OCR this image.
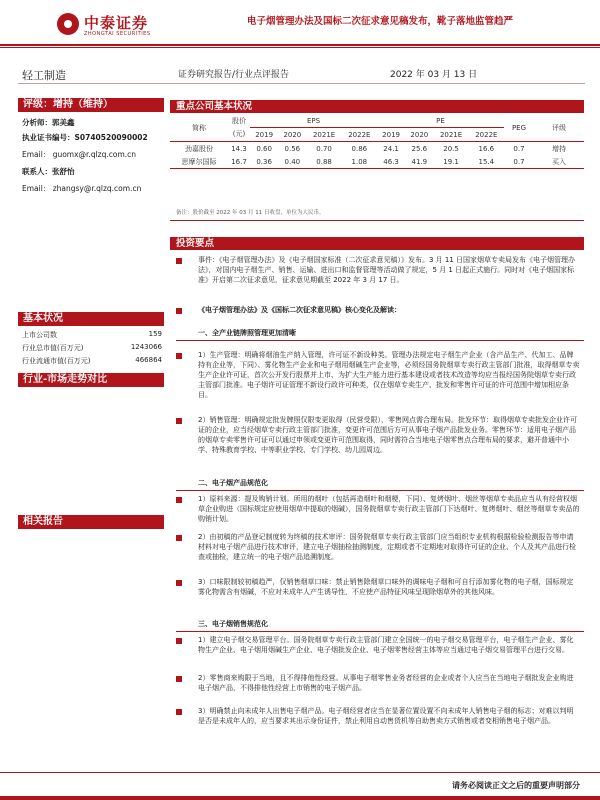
中泰证券
ZHONGTAI SECURITIES
电子烟管理办法及国标二次征求意见稿发布，靴子落地监管趋严
轻工制造	证券研究报告/行业点评报告	2022 年 03 月 13 日
评级：增持（维持）
分析师：郭美鑫
执业证书编号：S0740520090002
Email： guomx@r.qlzq.com.cn
联系人：张舒怡
Email： zhangsy@r.qlzq.com.cn
基本状况
上市公司数	159
行业总市值(百万元)	1243066
行业流通市值(百万元)	466864
行业-市场走势对比
相关报告
重点公司基本状况
简称	股价	EPS				PE				PEG	评级
	(元)	2019	2020	2021E	2022E	2019	2020	2021E	2022E		
劲嘉股份	14.3	0.60	0.56	0.70	0.86	24.1	25.6	20.5	16.6	0.7	增持
思摩尔国际	16.7	0.36	0.40	0.88	1.08	46.3	41.9	19.1	15.4	0.7	买入
备注：股价截至 2022 年 03 月 11 日收盘，单位为人民币。
投资要点
事件：《电子烟管理办法》及《电子烟国家标准（二次征求意见稿）》发布。3 月 11 日国家烟草专卖局发布《电子烟管理办法》，对国内电子烟生产、销售、运输、进出口和监督管理等活动做了规定，5 月 1 日起正式施行。同时对《电子烟国家标准》开启第二次征求意见，征求意见期截至 2022 年 3 月 17 日。
《电子烟管理办法》及《国标二次征求意见稿》核心变化及解读：
一、全产业链牌照管理更加清晰
1）生产管理：明确将烟油生产纳入管理，许可证不新设种类。管理办法规定电子烟生产企业（含产品生产、代加工、品牌持有企业等，下同）、雾化物生产企业和电子烟用烟碱生产企业等，必须经国务院烟草专卖行政主管部门批准，取得烟草专卖生产企业许可证，首次公开发行股票并上市、为扩大生产能力进行基本建设或者技术改造等均应当报经国务院烟草专卖行政主管部门批准。电子烟许可证管理不新设行政许可种类，仅在烟草专卖生产、批发和零售许可证的许可范围中增加相应条目。
2）销售管理：明确规定批发牌照仅限变更取得（民营受限），零售网点需合理布局。批发环节：取得烟草专卖批发企业许可证的企业，应当经烟草专卖行政主管部门批准，变更许可范围后方可从事电子烟产品批发业务。零售环节：适用电子烟产品的烟草专卖零售许可证可以通过申领或变更许可范围取得，同时需符合当地电子烟零售点合理布局的要求，避开普通中小学、特殊教育学校、中等职业学校、专门学校、幼儿园周边。
二、电子烟产品规范化
1）原料来源：提及购销计划。所用的烟叶（包括再造烟叶和烟梗，下同）、复烤烟叶、烟丝等烟草专卖品应当从有经营权烟草企业购进（国标规定应使用烟草中提取的烟碱），国务院烟草专卖行政主管部门下达烟叶、复烤烟叶、烟丝等烟草专卖品的购销计划。
2）由初稿的产品登记制度转为终稿的技术审评：国务院烟草专卖行政主管部门应当组织专业机构根据检验检测报告等申请材料对电子烟产品进行技术审评，建立电子烟抽检抽测制度，定期或者不定期地对取得许可证的企业、个人及其产品进行检查或抽检，建立统一的电子烟产品追溯制度。
3）口味限制较初稿趋严，仅销售烟草口味：禁止销售除烟草口味外的调味电子烟和可自行添加雾化物的电子烟，国标规定雾化物需含有烟碱，不应对未成年人产生诱导性，不应使产品特征风味呈现除烟草外的其他风味。
三、电子烟销售规范化
1）建立电子烟交易管理平台。国务院烟草专卖行政主管部门建立全国统一的电子烟交易管理平台，电子烟生产企业、雾化物生产企业、电子烟用烟碱生产企业、电子烟批发企业、电子烟零售经营主体等应当通过电子烟交易管理平台进行交易。
2）零售商来购限于当地，且不得排他性经营。从事电子烟零售业务者经营的企业或者个人应当在当地电子烟批发企业购进电子烟产品，不得排他性经营上市销售的电子烟产品。
3）明确禁止向未成年人出售电子烟产品。电子烟经营者应当在显著位置设置不向未成年人销售电子烟的标志；对难以判明是否是未成年人的，应当要求其出示身份证件，禁止利用自动售货机等自助售卖方式销售或者变相销售电子烟产品。
请务必阅读正文之后的重要声明部分
